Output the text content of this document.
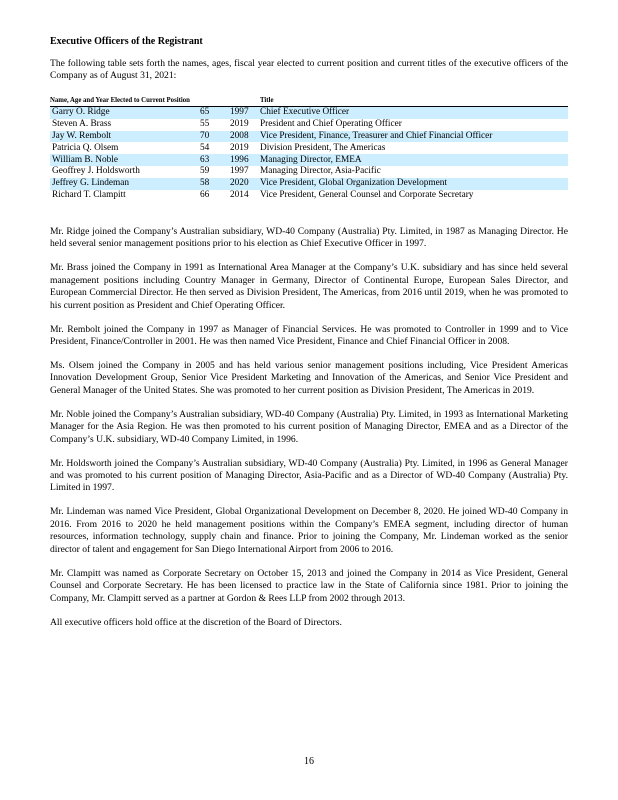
Executive Officers of the Registrant
The following table sets forth the names, ages, fiscal year elected to current position and current titles of the executive officers of the Company as of August 31, 2021:
Name, Age and Year Elected to Current Position			Title
Garry O. Ridge	65	1997	Chief Executive Officer
Steven A. Brass	55	2019	President and Chief Operating Officer
Jay W. Rembolt	70	2008	Vice President, Finance, Treasurer and Chief Financial Officer
Patricia Q. Olsem	54	2019	Division President, The Americas
William B. Noble	63	1996	Managing Director, EMEA
Geoffrey J. Holdsworth	59	1997	Managing Director, Asia-Pacific
Jeffrey G. Lindeman	58	2020	Vice President, Global Organization Development
Richard T. Clampitt	66	2014	Vice President, General Counsel and Corporate Secretary

Mr. Ridge joined the Company’s Australian subsidiary, WD-40 Company (Australia) Pty. Limited, in 1987 as Managing Director. He held several senior management positions prior to his election as Chief Executive Officer in 1997.

Mr. Brass joined the Company in 1991 as International Area Manager at the Company’s U.K. subsidiary and has since held several management positions including Country Manager in Germany, Director of Continental Europe, European Sales Director, and European Commercial Director. He then served as Division President, The Americas, from 2016 until 2019, when he was promoted to his current position as President and Chief Operating Officer.

Mr. Rembolt joined the Company in 1997 as Manager of Financial Services. He was promoted to Controller in 1999 and to Vice President, Finance/Controller in 2001. He was then named Vice President, Finance and Chief Financial Officer in 2008.

Ms. Olsem joined the Company in 2005 and has held various senior management positions including, Vice President Americas Innovation Development Group, Senior Vice President Marketing and Innovation of the Americas, and Senior Vice President and General Manager of the United States. She was promoted to her current position as Division President, The Americas in 2019.

Mr. Noble joined the Company’s Australian subsidiary, WD-40 Company (Australia) Pty. Limited, in 1993 as International Marketing Manager for the Asia Region. He was then promoted to his current position of Managing Director, EMEA and as a Director of the Company’s U.K. subsidiary, WD-40 Company Limited, in 1996.

Mr. Holdsworth joined the Company’s Australian subsidiary, WD-40 Company (Australia) Pty. Limited, in 1996 as General Manager and was promoted to his current position of Managing Director, Asia-Pacific and as a Director of WD-40 Company (Australia) Pty. Limited in 1997.

Mr. Lindeman was named Vice President, Global Organizational Development on December 8, 2020. He joined WD-40 Company in 2016. From 2016 to 2020 he held management positions within the Company’s EMEA segment, including director of human resources, information technology, supply chain and finance. Prior to joining the Company, Mr. Lindeman worked as the senior director of talent and engagement for San Diego International Airport from 2006 to 2016.

Mr. Clampitt was named as Corporate Secretary on October 15, 2013 and joined the Company in 2014 as Vice President, General Counsel and Corporate Secretary. He has been licensed to practice law in the State of California since 1981. Prior to joining the Company, Mr. Clampitt served as a partner at Gordon & Rees LLP from 2002 through 2013.

All executive officers hold office at the discretion of the Board of Directors.

16
